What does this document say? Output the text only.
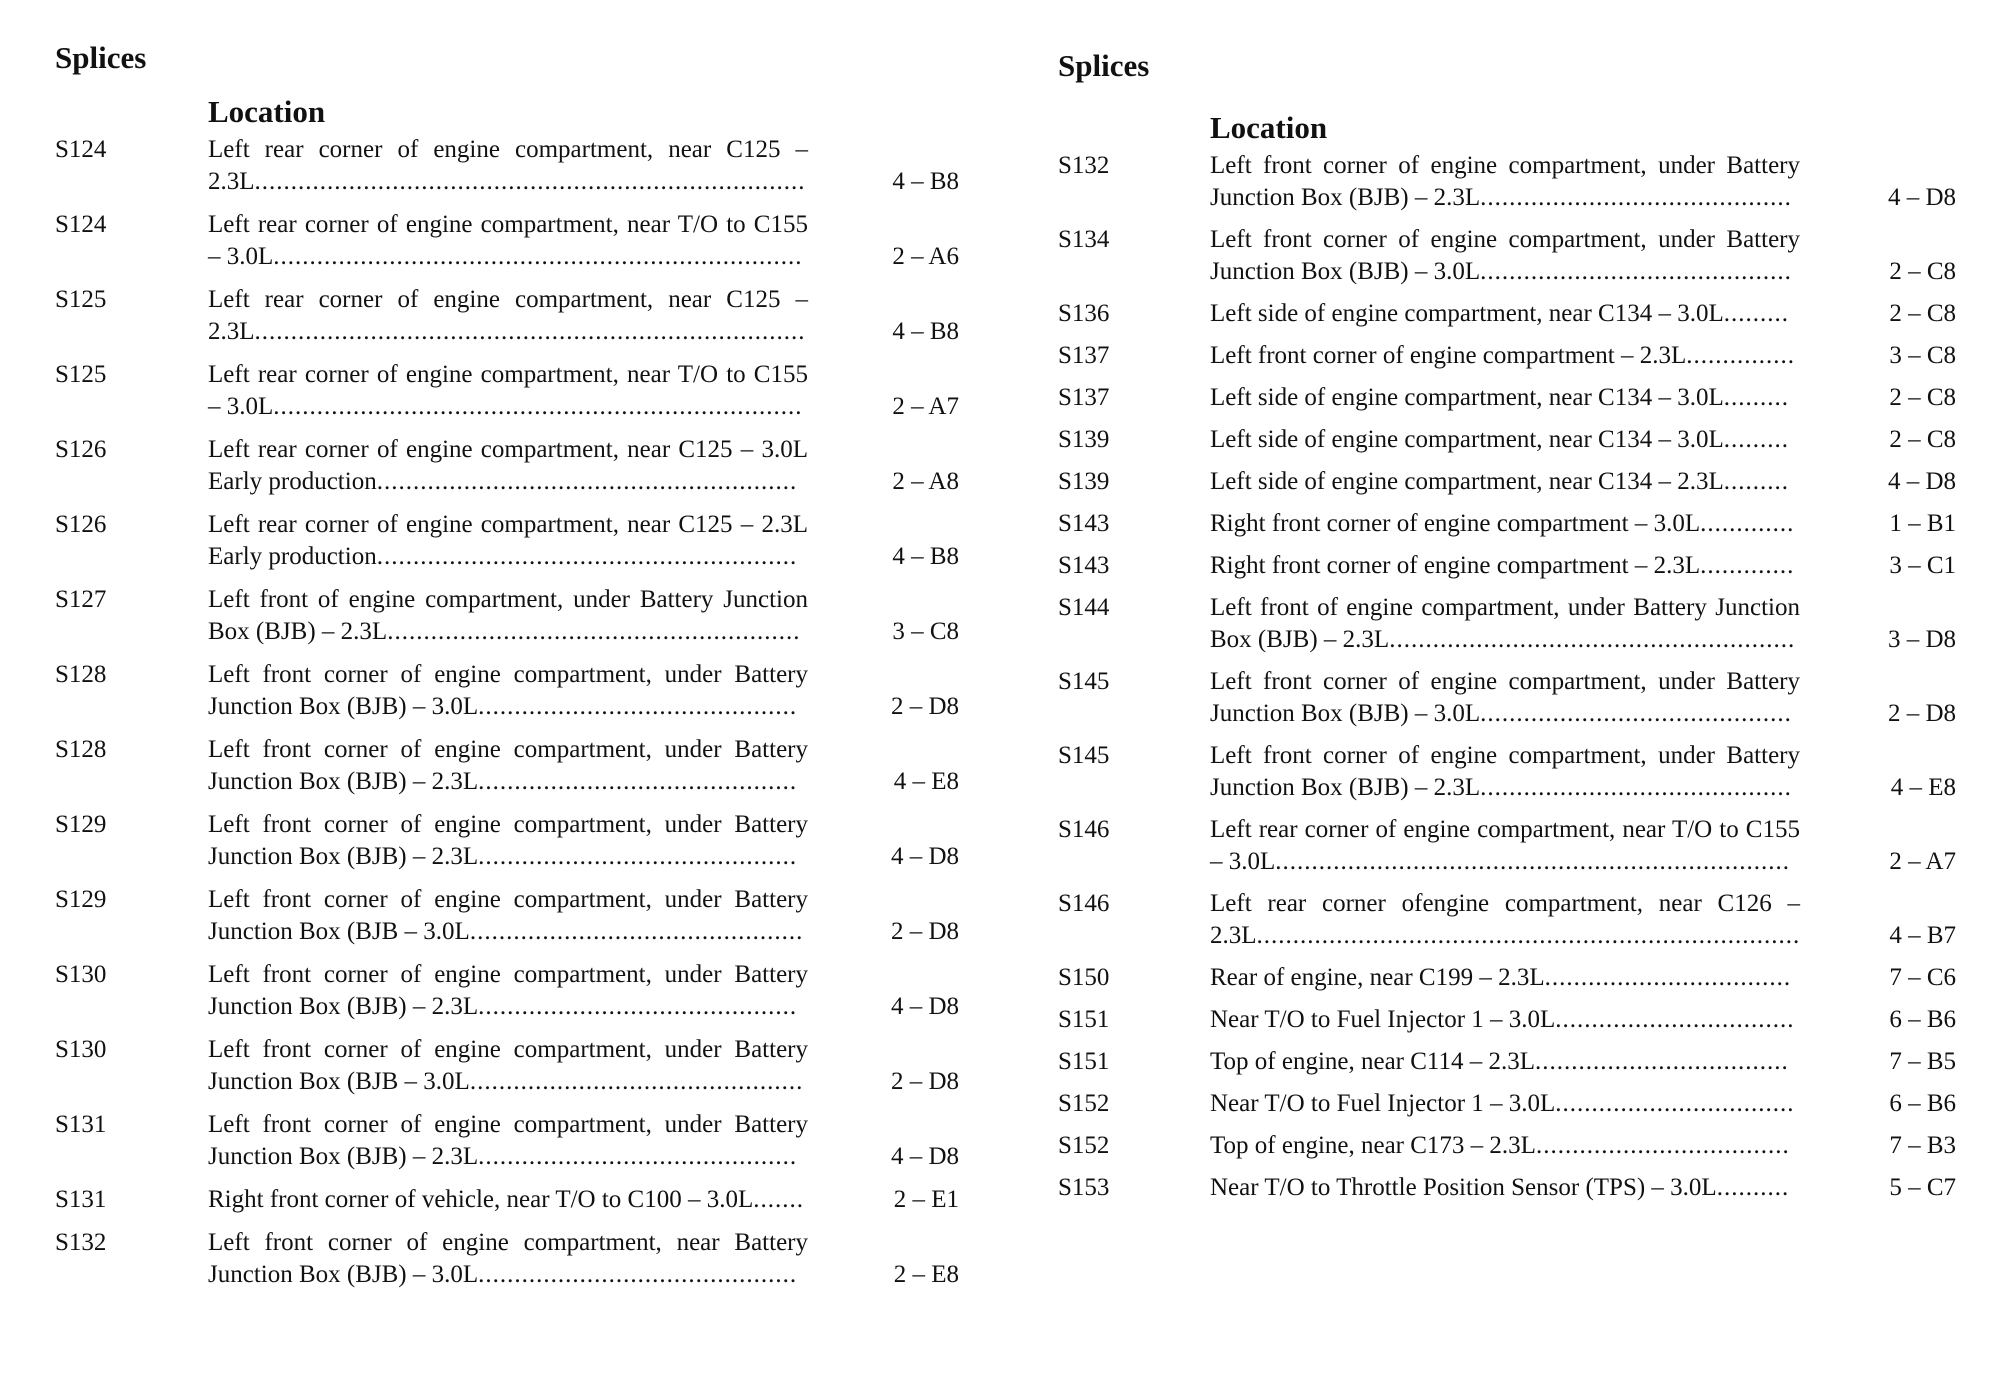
Splices
Location
S124	Left rear corner of engine compartment, near C125 – 2.3L............................................................................	4 – B8
S124	Left rear corner of engine compartment, near T/O to C155 – 3.0L.........................................................................	2 – A6
S125	Left rear corner of engine compartment, near C125 – 2.3L............................................................................	4 – B8
S125	Left rear corner of engine compartment, near T/O to C155 – 3.0L.........................................................................	2 – A7
S126	Left rear corner of engine compartment, near C125 – 3.0L Early production..........................................................	2 – A8
S126	Left rear corner of engine compartment, near C125 – 2.3L Early production..........................................................	4 – B8
S127	Left front of engine compartment, under Battery Junction Box (BJB) – 2.3L.........................................................	3 – C8
S128	Left front corner of engine compartment, under Battery Junction Box (BJB) – 3.0L............................................	2 – D8
S128	Left front corner of engine compartment, under Battery Junction Box (BJB) – 2.3L............................................	4 – E8
S129	Left front corner of engine compartment, under Battery Junction Box (BJB) – 2.3L............................................	4 – D8
S129	Left front corner of engine compartment, under Battery Junction Box (BJB – 3.0L..............................................	2 – D8
S130	Left front corner of engine compartment, under Battery Junction Box (BJB) – 2.3L............................................	4 – D8
S130	Left front corner of engine compartment, under Battery Junction Box (BJB – 3.0L..............................................	2 – D8
S131	Left front corner of engine compartment, under Battery Junction Box (BJB) – 2.3L............................................	4 – D8
S131	Right front corner of vehicle, near T/O to C100 – 3.0L.......	2 – E1
S132	Left front corner of engine compartment, near Battery Junction Box (BJB) – 3.0L............................................	2 – E8
Splices
Location
S132	Left front corner of engine compartment, under Battery Junction Box (BJB) – 2.3L...........................................	4 – D8
S134	Left front corner of engine compartment, under Battery Junction Box (BJB) – 3.0L...........................................	2 – C8
S136	Left side of engine compartment, near C134 – 3.0L.........	2 – C8
S137	Left front corner of engine compartment – 2.3L...............	3 – C8
S137	Left side of engine compartment, near C134 – 3.0L.........	2 – C8
S139	Left side of engine compartment, near C134 – 3.0L.........	2 – C8
S139	Left side of engine compartment, near C134 – 2.3L.........	4 – D8
S143	Right front corner of engine compartment – 3.0L.............	1 – B1
S143	Right front corner of engine compartment – 2.3L.............	3 – C1
S144	Left front of engine compartment, under Battery Junction Box (BJB) – 2.3L........................................................	3 – D8
S145	Left front corner of engine compartment, under Battery Junction Box (BJB) – 3.0L...........................................	2 – D8
S145	Left front corner of engine compartment, under Battery Junction Box (BJB) – 2.3L...........................................	4 – E8
S146	Left rear corner of engine compartment, near T/O to C155 – 3.0L.......................................................................	2 – A7
S146	Left rear corner ofengine compartment, near C126 – 2.3L...........................................................................	4 – B7
S150	Rear of engine, near C199 – 2.3L..................................	7 – C6
S151	Near T/O to Fuel Injector 1 – 3.0L.................................	6 – B6
S151	Top of engine, near C114 – 2.3L...................................	7 – B5
S152	Near T/O to Fuel Injector 1 – 3.0L.................................	6 – B6
S152	Top of engine, near C173 – 2.3L...................................	7 – B3
S153	Near T/O to Throttle Position Sensor (TPS) – 3.0L..........	5 – C7
